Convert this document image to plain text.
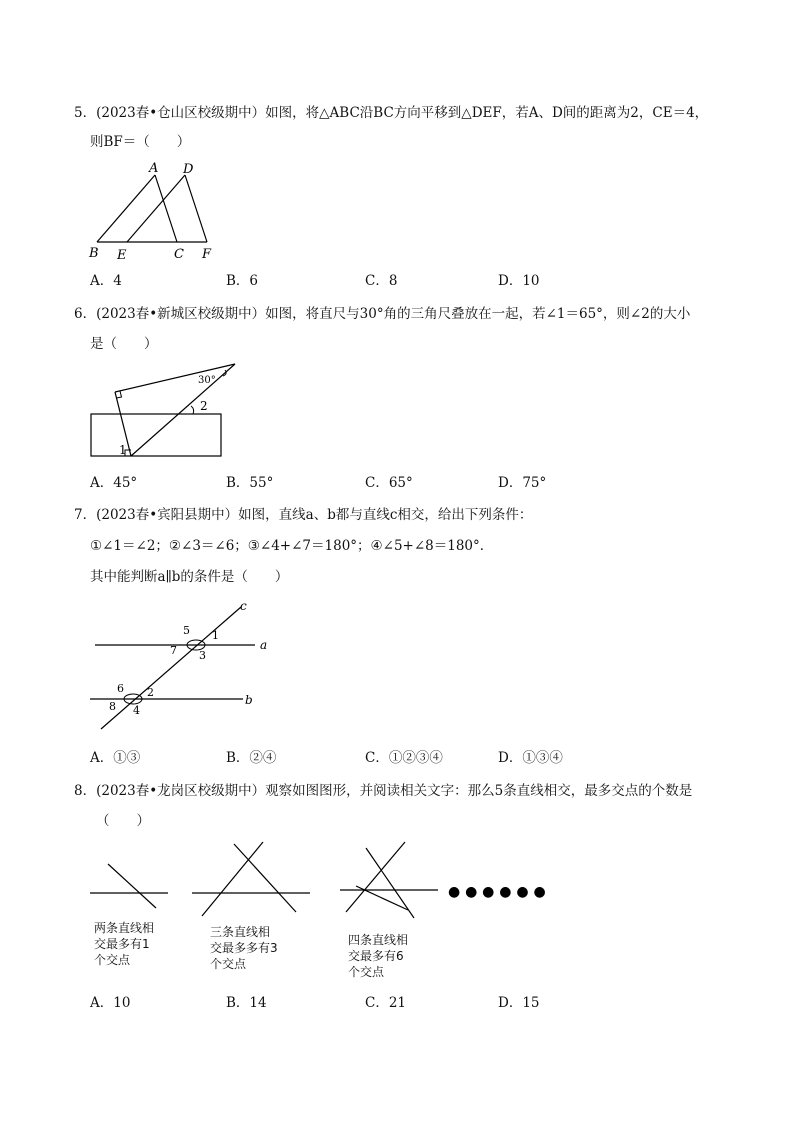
5．(2023春•仓山区校级期中）如图，将△ABC沿BC方向平移到△DEF，若A、D间的距离为2，CE＝4，
则BF＝（　　）
A D
B E	C F
A．4	B．6	C．8	D．10
6．(2023春•新城区校级期中）如图，将直尺与30°角的三角尺叠放在一起，若∠1＝65°，则∠2的大小
是（　　）
30°
2
1
A．45°	B．55°	C．65°	D．75°
7．(2023春•宾阳县期中）如图，直线a、b都与直线c相交，给出下列条件：
①∠1＝∠2；②∠3＝∠6；③∠4+∠7＝180°；④∠5+∠8＝180°．
其中能判断a∥b的条件是（　　）
c
a
b
5 1
7 3
6 2
8 4
A．①③	B．②④	C．①②③④	D．①③④
8．(2023春•龙岗区校级期中）观察如图图形，并阅读相关文字：那么5条直线相交，最多交点的个数是
（　　）
● ● ● ● ● ●
两条直线相
交最多有1
个交点
三条直线相
交最多多有3
个交点
四条直线相
交最多有6
个交点
A．10	B．14	C．21	D．15
